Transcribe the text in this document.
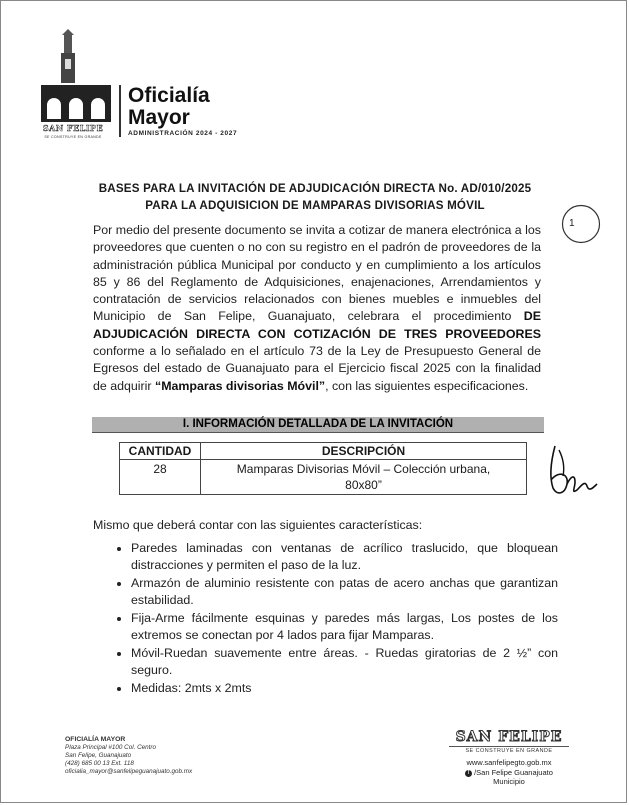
SAN FELIPE
SE CONSTRUYE EN GRANDE
Oficialía Mayor
ADMINISTRACIÓN 2024 - 2027
1
BASES PARA LA INVITACIÓN DE ADJUDICACIÓN DIRECTA No. AD/010/2025
PARA LA ADQUISICION DE MAMPARAS DIVISORIAS MÓVIL
Por medio del presente documento se invita a cotizar de manera electrónica a los proveedores que cuenten o no con su registro en el padrón de proveedores de la administración pública Municipal por conducto y en cumplimiento a los artículos 85 y 86 del Reglamento de Adquisiciones, enajenaciones, Arrendamientos y contratación de servicios relacionados con bienes muebles e inmuebles del Municipio de San Felipe, Guanajuato, celebrara el procedimiento DE ADJUDICACIÓN DIRECTA CON COTIZACIÓN DE TRES PROVEEDORES conforme a lo señalado en el artículo 73 de la Ley de Presupuesto General de Egresos del estado de Guanajuato para el Ejercicio fiscal 2025 con la finalidad de adquirir “Mamparas divisorias Móvil”, con las siguientes especificaciones.
I. INFORMACIÓN DETALLADA DE LA INVITACIÓN
CANTIDAD	DESCRIPCIÓN
28	Mamparas Divisorias Móvil – Colección urbana, 80x80”
Mismo que deberá contar con las siguientes características:
• Paredes laminadas con ventanas de acrílico traslucido, que bloquean distracciones y permiten el paso de la luz.
• Armazón de aluminio resistente con patas de acero anchas que garantizan estabilidad.
• Fija-Arme fácilmente esquinas y paredes más largas, Los postes de los extremos se conectan por 4 lados para fijar Mamparas.
• Móvil-Ruedan suavemente entre áreas. - Ruedas giratorias de 2 ½” con seguro.
• Medidas: 2mts x 2mts
OFICIALÍA MAYOR
Plaza Principal #100 Col. Centro
San Felipe, Guanajuato
(428) 685 00 13 Ext. 118
oficialia_mayor@sanfelipeguanajuato.gob.mx
SAN FELIPE
SE CONSTRUYE EN GRANDE
www.sanfelipegto.gob.mx
f /San Felipe Guanajuato Municipio
